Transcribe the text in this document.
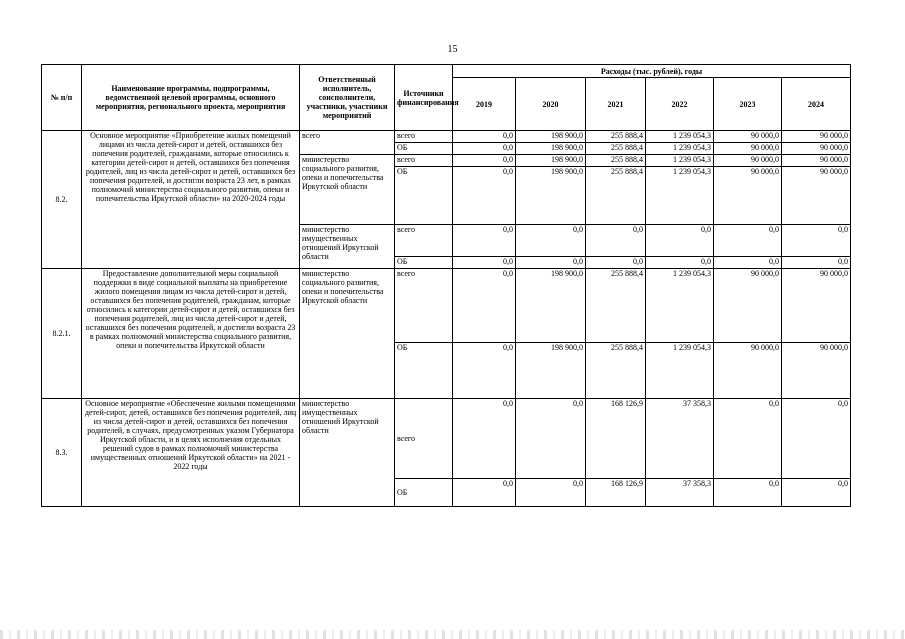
15
№ п/п	Наименование программы, подпрограммы, ведомственной целевой программы, основного мероприятия, регионального проекта, мероприятия	Ответственный исполнитель, соисполнители, участники, участники мероприятий	Источники финансирования	Расходы (тыс. рублей), годы					
				2019	2020	2021	2022	2023	2024
8.2.	Основное мероприятие «Приобретение жилых помещений лицами из числа детей-сирот и детей, оставшихся без попечения родителей, гражданами, которые относились к категории детей-сирот и детей, оставшихся без попечения родителей, лиц из числа детей-сирот и детей, оставшихся без попечения родителей, и достигли возраста 23 лет, в рамках полномочий министерства социального развития, опеки и попечительства Иркутской области» на 2020-2024 годы	всего	всего	0,0	198 900,0	255 888,4	1 239 054,3	90 000,0	90 000,0
			ОБ	0,0	198 900,0	255 888,4	1 239 054,3	90 000,0	90 000,0
		министерство социального развития, опеки и попечительства Иркутской области	всего	0,0	198 900,0	255 888,4	1 239 054,3	90 000,0	90 000,0
			ОБ	0,0	198 900,0	255 888,4	1 239 054,3	90 000,0	90 000,0
		министерство имущественных отношений Иркутской области	всего	0,0	0,0	0,0	0,0	0,0	0,0
			ОБ	0,0	0,0	0,0	0,0	0,0	0,0
8.2.1.	Предоставление дополнительной меры социальной поддержки в виде социальной выплаты на приобретение жилого помещения лицам из числа детей-сирот и детей, оставшихся без попечения родителей, гражданам, которые относились к категории детей-сирот и детей, оставшихся без попечения родителей, лиц из числа детей-сирот и детей, оставшихся без попечения родителей, и достигли возраста 23 в рамках полномочий министерства социального развития, опеки и попечительства Иркутской области	министерство социального развития, опеки и попечительства Иркутской области	всего	0,0	198 900,0	255 888,4	1 239 054,3	90 000,0	90 000,0
			ОБ	0,0	198 900,0	255 888,4	1 239 054,3	90 000,0	90 000,0
8.3.	Основное мероприятие «Обеспечение жилыми помещениями детей-сирот, детей, оставшихся без попечения родителей, лиц из числа детей-сирот и детей, оставшихся без попечения родителей, в случаях, предусмотренных указом Губернатора Иркутской области, и в целях исполнения отдельных решений судов в рамках полномочий министерства имущественных отношений Иркутской области» на 2021 - 2022 годы	министерство имущественных отношений Иркутской области	всего	0,0	0,0	168 126,9	37 358,3	0,0	0,0
			ОБ	0,0	0,0	168 126,9	37 358,3	0,0	0,0
